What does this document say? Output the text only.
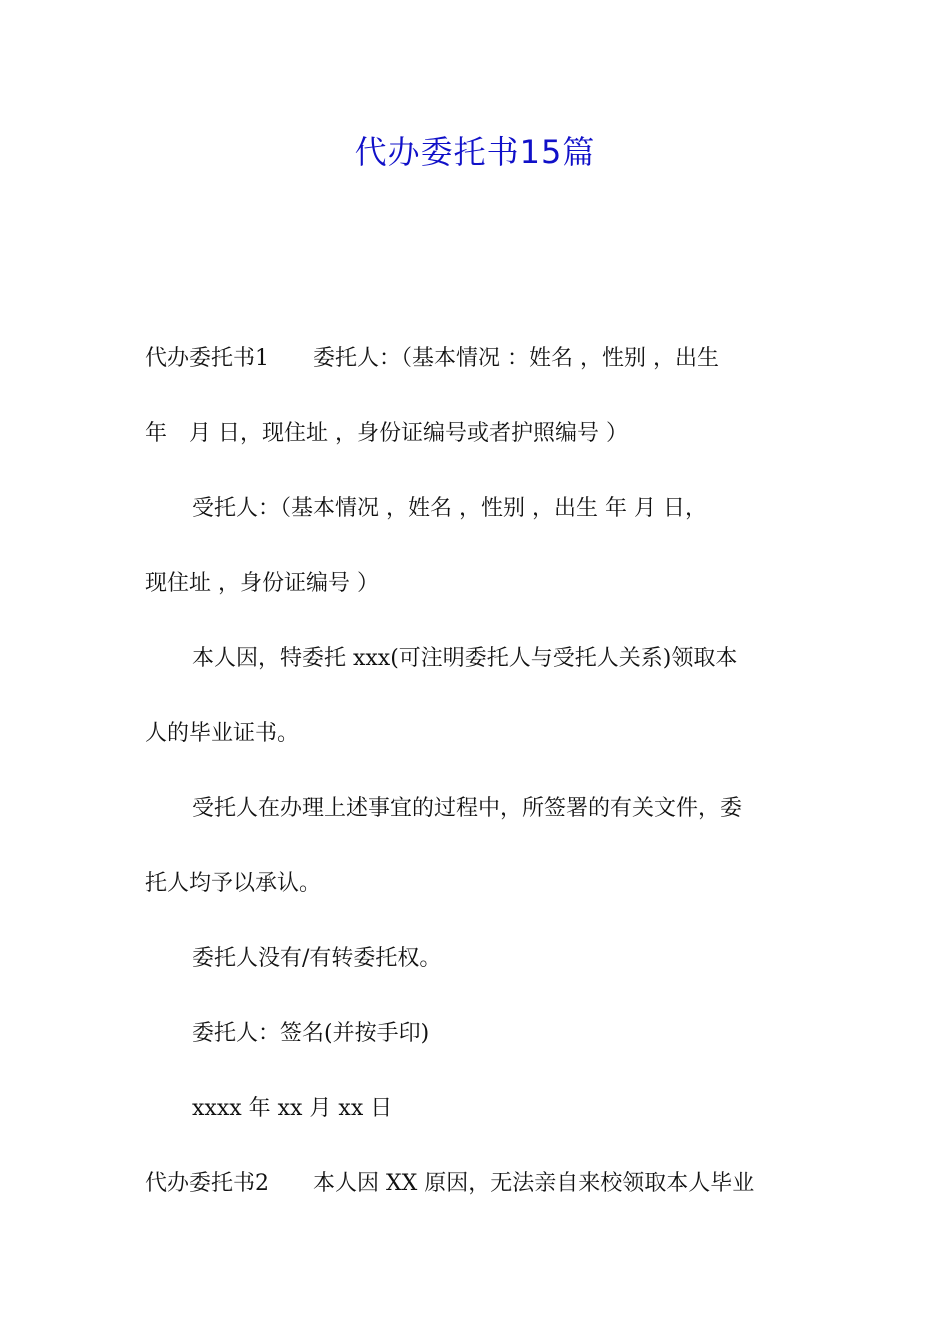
代办委托书15篇
代办委托书1　　委托人：（基本情况 ：姓名 ，性别 ，出生
年　月 日，现住址 ，身份证编号或者护照编号 ）
受托人：（基本情况 ，姓名 ，性别 ，出生 年 月 日，
现住址 ，身份证编号 ）
本人因，特委托 xxx(可注明委托人与受托人关系)领取本
人的毕业证书。
受托人在办理上述事宜的过程中，所签署的有关文件，委
托人均予以承认。
委托人没有/有转委托权。
委托人：签名(并按手印)
xxxx 年 xx 月 xx 日
代办委托书2　　本人因 XX 原因，无法亲自来校领取本人毕业
